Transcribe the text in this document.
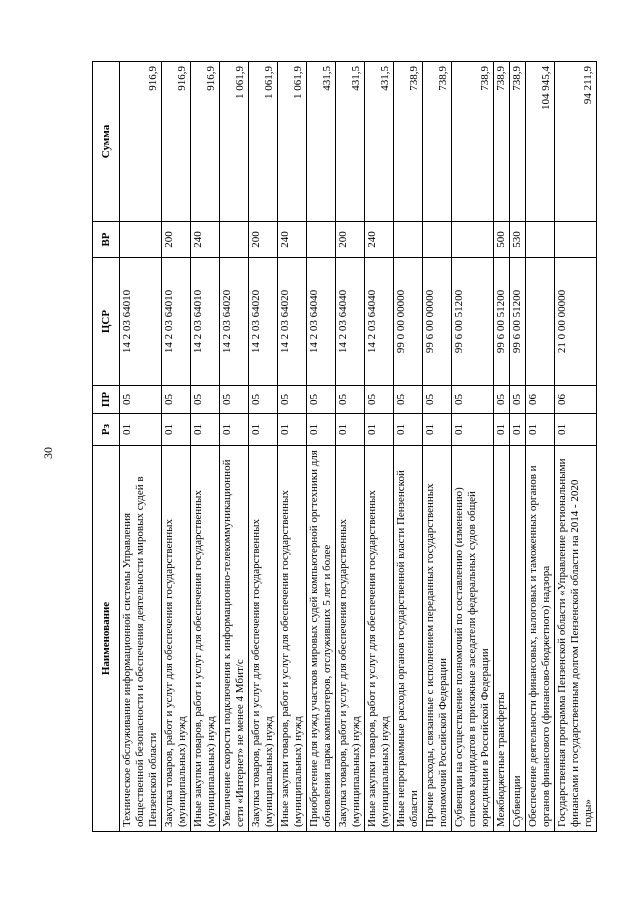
30
Наименование	Рз	ПР	ЦСР	ВР	Сумма
Техническое обслуживание информационной системы Управления общественной безопасности и обеспечения деятельности мировых судей в Пензенской области	01	05	14 2 03 64010		916,9
Закупка товаров, работ и услуг для обеспечения государственных (муниципальных) нужд	01	05	14 2 03 64010	200	916,9
Иные закупки товаров, работ и услуг для обеспечения государственных (муниципальных) нужд	01	05	14 2 03 64010	240	916,9
Увеличение скорости подключения к информационно-телекоммуникационной сети «Интернет» не менее 4 Мбит/с	01	05	14 2 03 64020		1 061,9
Закупка товаров, работ и услуг для обеспечения государственных (муниципальных) нужд	01	05	14 2 03 64020	200	1 061,9
Иные закупки товаров, работ и услуг для обеспечения государственных (муниципальных) нужд	01	05	14 2 03 64020	240	1 061,9
Приобретение для нужд участков мировых судей компьютерной оргтехники для обновления парка компьютеров, отслуживших 5 лет и более	01	05	14 2 03 64040		431,5
Закупка товаров, работ и услуг для обеспечения государственных (муниципальных) нужд	01	05	14 2 03 64040	200	431,5
Иные закупки товаров, работ и услуг для обеспечения государственных (муниципальных) нужд	01	05	14 2 03 64040	240	431,5
Иные непрограммные расходы органов государственной власти Пензенской области	01	05	99 0 00 00000		738,9
Прочие расходы, связанные с исполнением переданных государственных полномочий Российской Федерации	01	05	99 6 00 00000		738,9
Субвенции на осуществление полномочий по составлению (изменению) списков кандидатов в присяжные заседатели федеральных судов общей юрисдикции в Российской Федерации	01	05	99 6 00 51200		738,9
Межбюджетные трансферты	01	05	99 6 00 51200	500	738,9
Субвенции	01	05	99 6 00 51200	530	738,9
Обеспечение деятельности финансовых, налоговых и таможенных органов и органов финансового (финансово-бюджетного) надзора	01	06			104 945,4
Государственная программа Пензенской области «Управление региональными финансами и государственным долгом Пензенской области на 2014 - 2020 годы»	01	06	21 0 00 00000		94 211,9
